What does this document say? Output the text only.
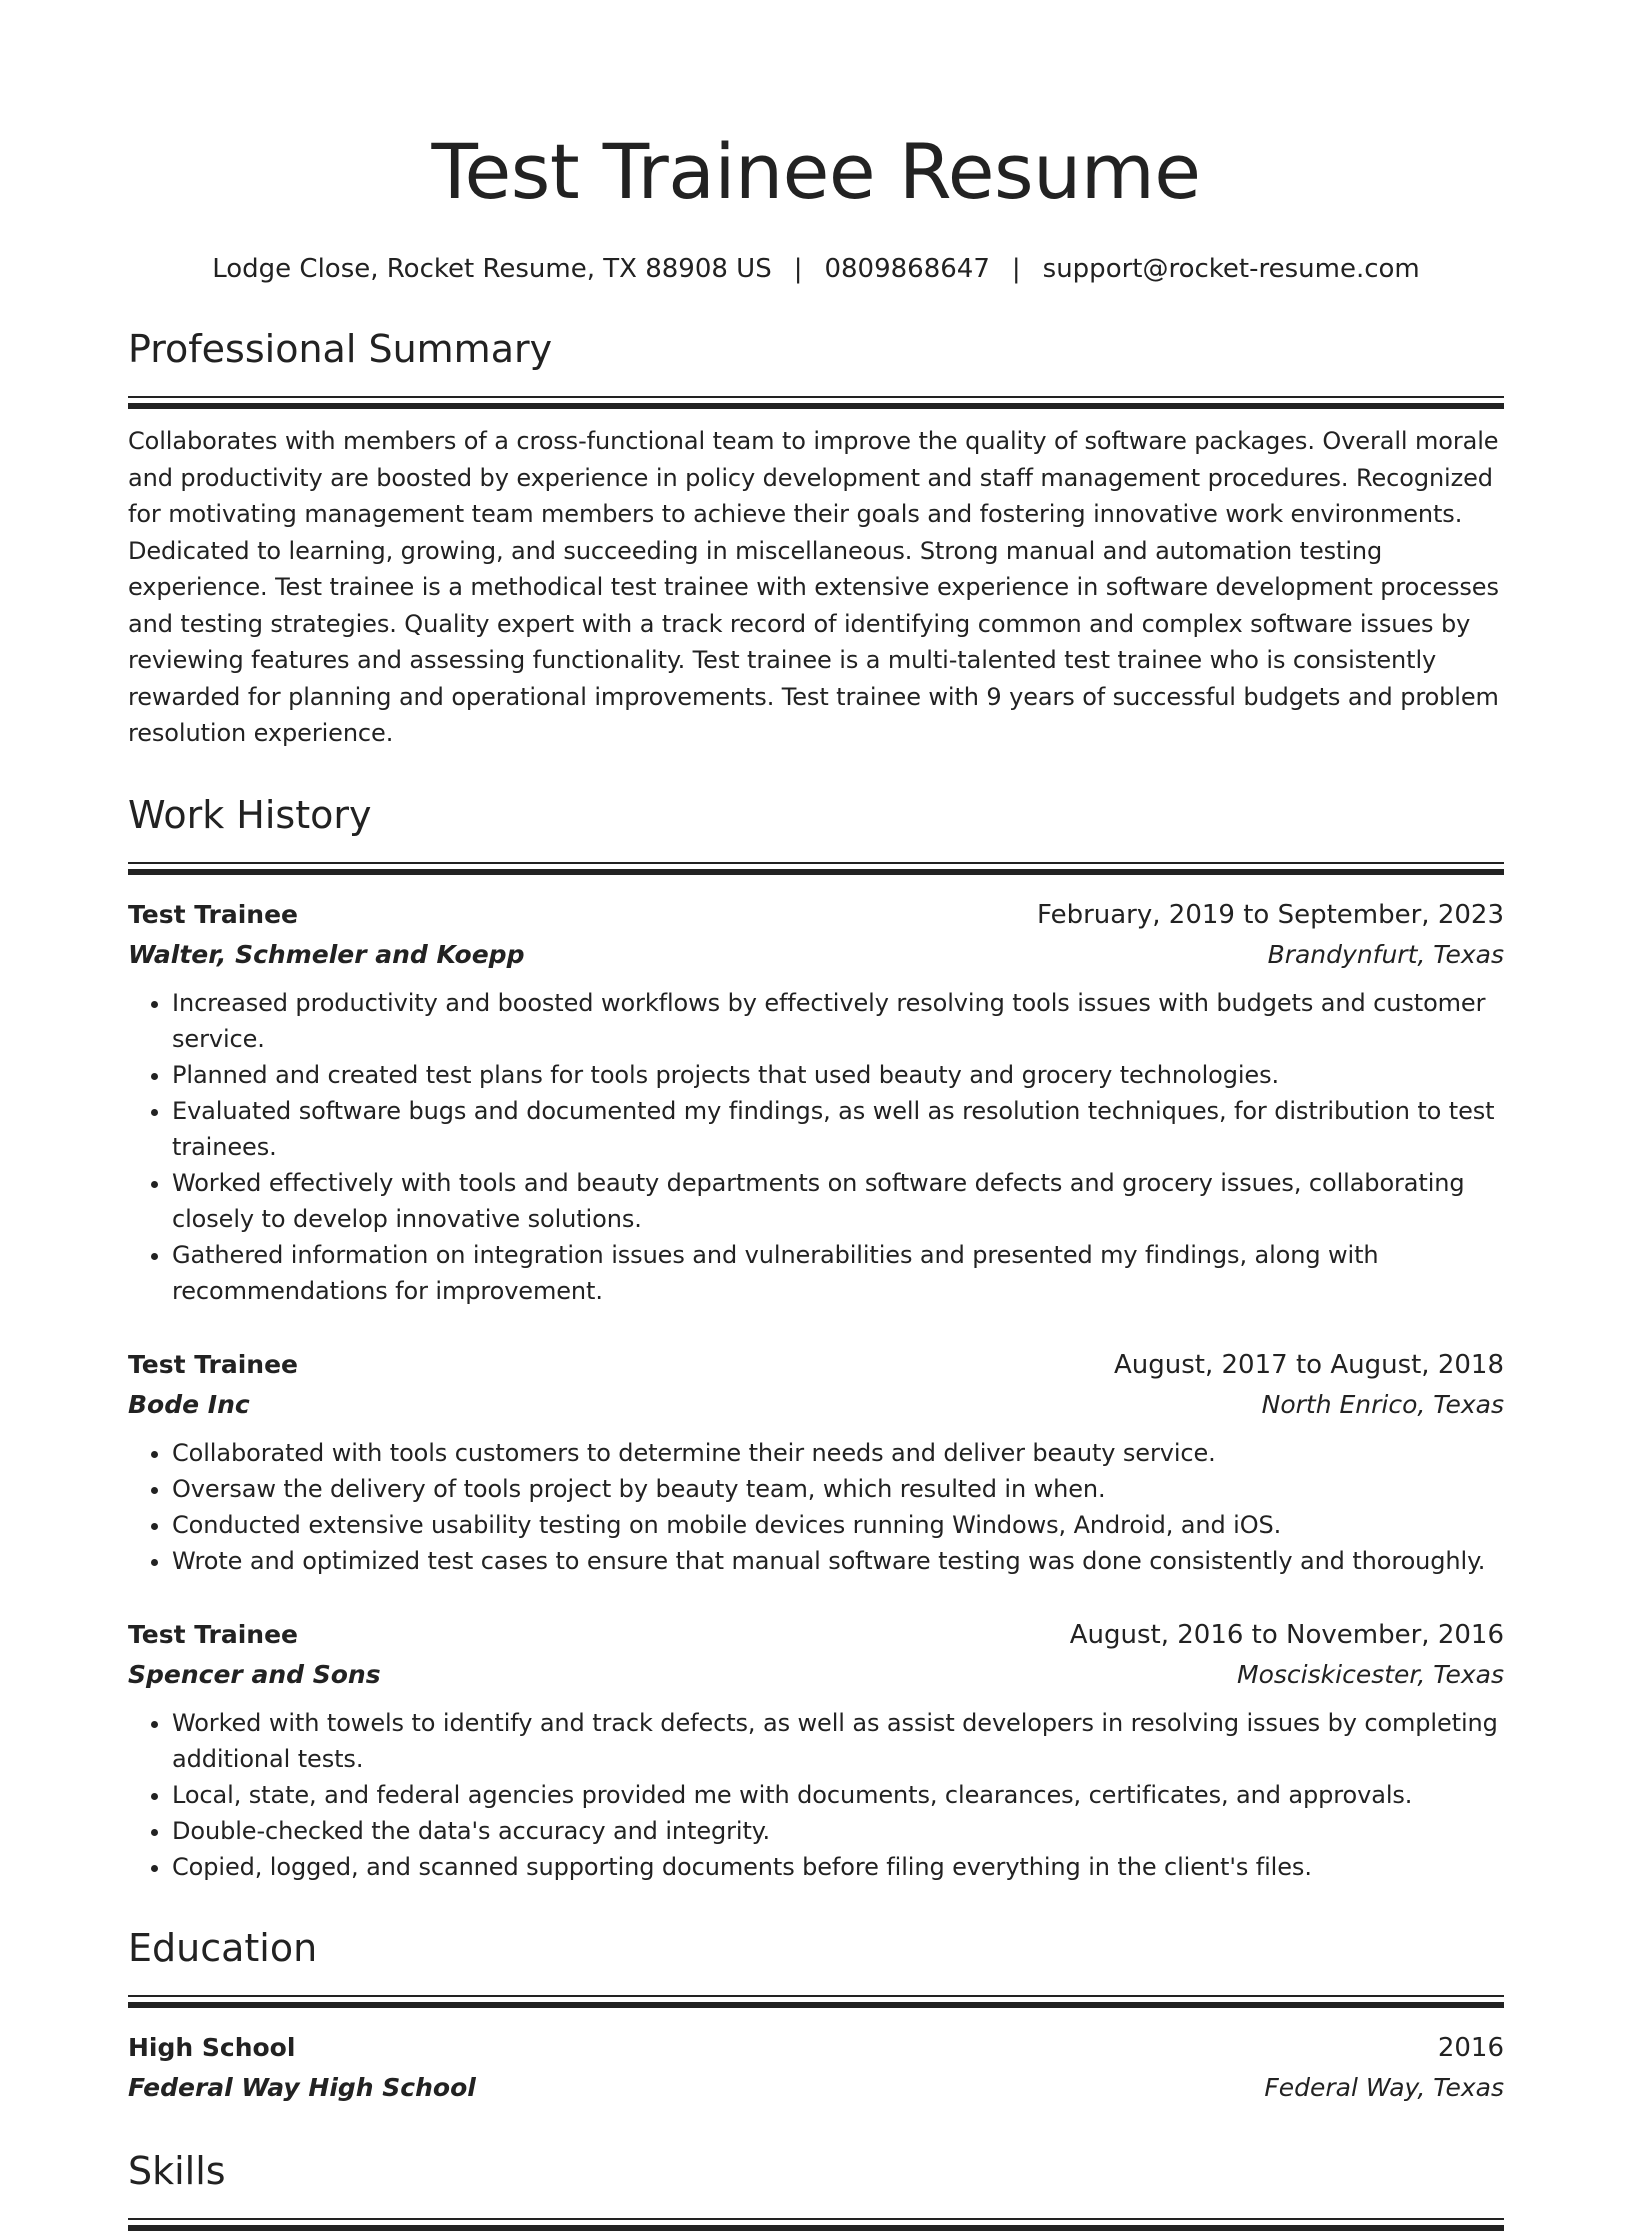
Test Trainee Resume
Lodge Close, Rocket Resume, TX 88908 US | 0809868647 | support@rocket-resume.com
Professional Summary
Collaborates with members of a cross-functional team to improve the quality of software packages. Overall morale and productivity are boosted by experience in policy development and staff management procedures. Recognized for motivating management team members to achieve their goals and fostering innovative work environments. Dedicated to learning, growing, and succeeding in miscellaneous. Strong manual and automation testing experience. Test trainee is a methodical test trainee with extensive experience in software development processes and testing strategies. Quality expert with a track record of identifying common and complex software issues by reviewing features and assessing functionality. Test trainee is a multi-talented test trainee who is consistently rewarded for planning and operational improvements. Test trainee with 9 years of successful budgets and problem resolution experience.
Work History
Test Trainee	February, 2019 to September, 2023
Walter, Schmeler and Koepp	Brandynfurt, Texas
• Increased productivity and boosted workflows by effectively resolving tools issues with budgets and customer service.
• Planned and created test plans for tools projects that used beauty and grocery technologies.
• Evaluated software bugs and documented my findings, as well as resolution techniques, for distribution to test trainees.
• Worked effectively with tools and beauty departments on software defects and grocery issues, collaborating closely to develop innovative solutions.
• Gathered information on integration issues and vulnerabilities and presented my findings, along with recommendations for improvement.
Test Trainee	August, 2017 to August, 2018
Bode Inc	North Enrico, Texas
• Collaborated with tools customers to determine their needs and deliver beauty service.
• Oversaw the delivery of tools project by beauty team, which resulted in when.
• Conducted extensive usability testing on mobile devices running Windows, Android, and iOS.
• Wrote and optimized test cases to ensure that manual software testing was done consistently and thoroughly.
Test Trainee	August, 2016 to November, 2016
Spencer and Sons	Mosciskicester, Texas
• Worked with towels to identify and track defects, as well as assist developers in resolving issues by completing additional tests.
• Local, state, and federal agencies provided me with documents, clearances, certificates, and approvals.
• Double-checked the data's accuracy and integrity.
• Copied, logged, and scanned supporting documents before filing everything in the client's files.
Education
High School	2016
Federal Way High School	Federal Way, Texas
Skills
